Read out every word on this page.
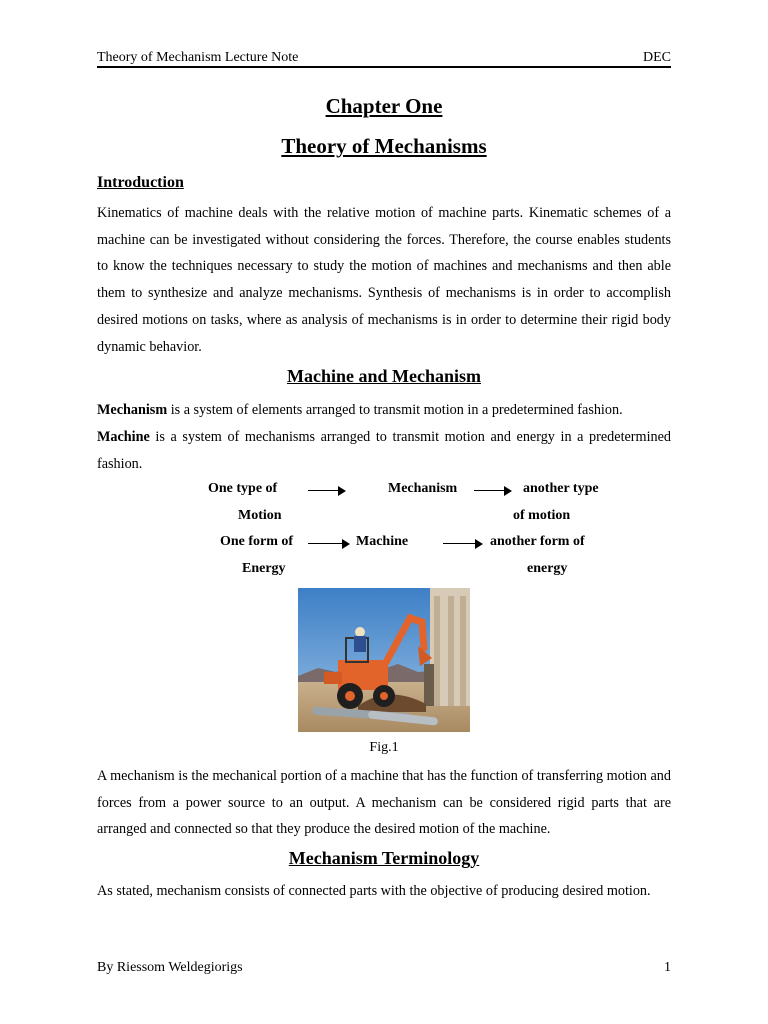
Theory of Mechanism Lecture Note	DEC
Chapter One
Theory of Mechanisms
Introduction
Kinematics of machine deals with the relative motion of machine parts. Kinematic schemes of a machine can be investigated without considering the forces. Therefore, the course enables students to know the techniques necessary to study the motion of machines and mechanisms and then able them to synthesize and analyze mechanisms. Synthesis of mechanisms is in order to accomplish desired motions on tasks, where as analysis of mechanisms is in order to determine their rigid body dynamic behavior.
Machine and Mechanism
Mechanism is a system of elements arranged to transmit motion in a predetermined fashion.
Machine is a system of mechanisms arranged to transmit motion and energy in a predetermined fashion.
One type of
Motion
Mechanism	another type
of motion
One form of
Energy
Machine	another form of
energy
Fig.1
A mechanism is the mechanical portion of a machine that has the function of transferring motion and forces from a power source to an output. A mechanism can be considered rigid parts that are arranged and connected so that they produce the desired motion of the machine.
Mechanism Terminology
As stated, mechanism consists of connected parts with the objective of producing desired motion.
By Riessom Weldegiorigs	1
